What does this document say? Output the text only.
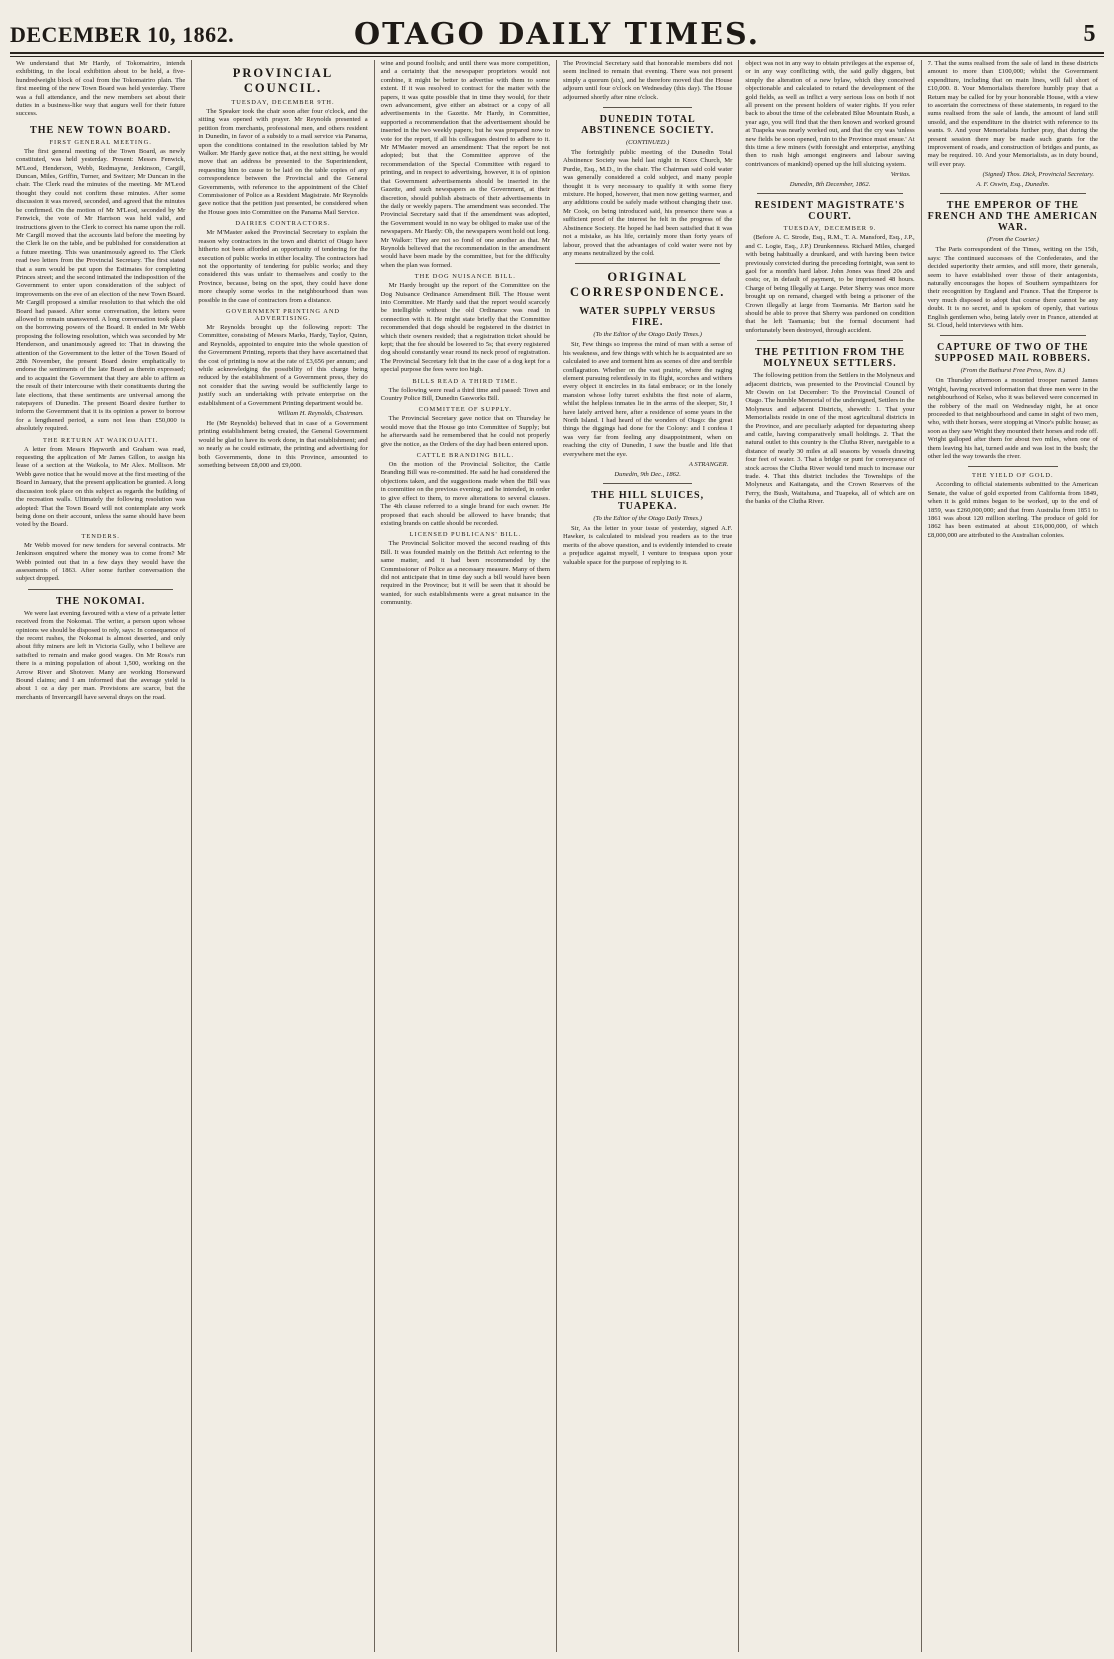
DECEMBER 10, 1862.	OTAGO DAILY TIMES.	5

We understand that Mr Hardy, of Tokomairiro, intends exhibiting, in the local exhibition about to be held, a five-hundredweight block of coal from the Tokomairiro plain. The first meeting of the new Town Board was held yesterday. There was a full attendance, and the new members set about their duties in a business-like way that augurs well for their future success.

THE NEW TOWN BOARD.
FIRST GENERAL MEETING.

The first general meeting of the Town Board, as newly constituted, was held yesterday. Present: Messrs Fenwick, M'Leod, Henderson, Webb, Redmayne, Jenkinson, Cargill, Duncan, Miles, Griffin, Turner, and Switzer; Mr Duncan in the chair. The Clerk read the minutes of the meeting. Mr M'Leod thought they could not confirm these minutes. After some discussion it was moved, seconded, and agreed that the minutes be confirmed. On the motion of Mr M'Leod, seconded by Mr Fenwick, the vote of Mr Harrison was held valid, and instructions given to the Clerk to correct his name upon the roll. Mr Cargill moved that the accounts laid before the meeting by the Clerk lie on the table, and be published for consideration at a future meeting. This was unanimously agreed to. The Clerk read two letters from the Provincial Secretary. The first stated that a sum would be put upon the Estimates for completing Princes street; and the second intimated the indisposition of the Government to enter upon consideration of the subject of improvements on the eve of an election of the new Town Board. Mr Cargill proposed a similar resolution to that which the old Board had passed. After some conversation, the letters were allowed to remain unanswered. A long conversation took place on the borrowing powers of the Board. It ended in Mr Webb proposing the following resolution, which was seconded by Mr Henderson, and unanimously agreed to: That in drawing the attention of the Government to the letter of the Town Board of 28th November, the present Board desire emphatically to endorse the sentiments of the late Board as therein expressed; and to acquaint the Government that they are able to affirm as the result of their intercourse with their constituents during the late elections, that these sentiments are universal among the ratepayers of Dunedin. The present Board desire further to inform the Government that it is its opinion a power to borrow for a lengthened period, a sum not less than £50,000 is absolutely required.

THE RETURN AT WAIKOUAITI.

A letter from Messrs Hepworth and Graham was read, requesting the application of Mr James Gillon, to assign his lease of a section at the Waikola, to Mr Alex. Mollison. Mr Webb gave notice that he would move at the first meeting of the Board in January, that the present application be granted. A long discussion took place on this subject as regards the building of the recreation walls. Ultimately the following resolution was adopted: That the Town Board will not contemplate any work being done on their account, unless the same should have been voted by the Board.

TENDERS.

Mr Webb moved for new tenders for several contracts. Mr Jenkinson enquired where the money was to come from? Mr Webb pointed out that in a few days they would have the assessments of 1863. After some further conversation the subject dropped.

THE NOKOMAI.

We were last evening favoured with a view of a private letter received from the Nokomai. The writer, a person upon whose opinions we should be disposed to rely, says: In consequence of the recent rushes, the Nokomai is almost deserted, and only about fifty miners are left in Victoria Gully, who I believe are satisfied to remain and make good wages. On Mr Ross's run there is a mining population of about 1,500, working on the Arrow River and Shotover. Many are working Horseward Bound claims; and I am informed that the average yield is about 1 oz a day per man. Provisions are scarce, but the merchants of Invercargill have several drays on the road.

PROVINCIAL COUNCIL.
TUESDAY, DECEMBER 9TH.

The Speaker took the chair soon after four o'clock, and the sitting was opened with prayer. Mr Reynolds presented a petition from merchants, professional men, and others resident in Dunedin, in favor of a subsidy to a mail service via Panama, upon the conditions contained in the resolution tabled by Mr Walker. Mr Hardy gave notice that, at the next sitting, he would move that an address be presented to the Superintendent, requesting him to cause to be laid on the table copies of any correspondence between the Provincial and the General Governments, with reference to the appointment of the Chief Commissioner of Police as a Resident Magistrate. Mr Reynolds gave notice that the petition just presented, be considered when the House goes into Committee on the Panama Mail Service.

DAIRIES CONTRACTORS.

Mr M'Master asked the Provincial Secretary to explain the reason why contractors in the town and district of Otago have hitherto not been afforded an opportunity of tendering for the execution of public works in either locality. The contractors had not the opportunity of tendering for public works; and they considered this was unfair to themselves and costly to the Province, because, being on the spot, they could have done more cheaply some works in the neighbourhood than was possible in the case of contractors from a distance.

GOVERNMENT PRINTING AND ADVERTISING.

Mr Reynolds brought up the following report: The Committee, consisting of Messrs Marks, Hardy, Taylor, Quinn, and Reynolds, appointed to enquire into the whole question of the Government Printing, reports that they have ascertained that the cost of printing is now at the rate of £3,656 per annum; and while acknowledging the possibility of this charge being reduced by the establishment of a Government press, they do not consider that the saving would be sufficiently large to justify such an undertaking with private enterprise on the establishment of a Government Printing department would be.

William H. Reynolds, Chairman.

He (Mr Reynolds) believed that in case of a Government printing establishment being created, the General Government would be glad to have its work done, in that establishment; and so nearly as he could estimate, the printing and advertising for both Governments, done in this Province, amounted to something between £8,000 and £9,000.

wine and pound foolish; and until there was more competition, and a certainty that the newspaper proprietors would not combine, it might be better to advertise with them to some extent. If it was resolved to contract for the matter with the papers, it was quite possible that in time they would, for their own advancement, give either an abstract or a copy of all advertisements in the Gazette. Mr Hardy, in Committee, supported a recommendation that the advertisement should be inserted in the two weekly papers; but he was prepared now to vote for the report, if all his colleagues desired to adhere to it. Mr M'Master moved an amendment: That the report be not adopted; but that the Committee approve of the recommendation of the Special Committee with regard to printing, and in respect to advertising, however, it is of opinion that Government advertisements should be inserted in the Gazette, and such newspapers as the Government, at their discretion, should publish abstracts of their advertisements in the daily or weekly papers. The amendment was seconded. The Provincial Secretary said that if the amendment was adopted, the Government would in no way be obliged to make use of the newspapers. Mr Hardy: Oh, the newspapers wont hold out long. Mr Walker: They are not so fond of one another as that. Mr Reynolds believed that the recommendation in the amendment would have been made by the committee, but for the difficulty when the plan was formed.

THE DOG NUISANCE BILL.

Mr Hardy brought up the report of the Committee on the Dog Nuisance Ordinance Amendment Bill. The House went into Committee. Mr Hardy said that the report would scarcely be intelligible without the old Ordinance was read in connection with it. He might state briefly that the Committee recommended that dogs should be registered in the district in which their owners resided; that a registration ticket should be kept; that the fee should be lowered to 5s; that every registered dog should constantly wear round its neck proof of registration. The Provincial Secretary felt that in the case of a dog kept for a special purpose the fees were too high.

BILLS READ A THIRD TIME.

The following were read a third time and passed: Town and Country Police Bill, Dunedin Gasworks Bill.

COMMITTEE OF SUPPLY.

The Provincial Secretary gave notice that on Thursday he would move that the House go into Committee of Supply; but he afterwards said he remembered that he could not properly give the notice, as the Orders of the day had been entered upon.

CATTLE BRANDING BILL.

On the motion of the Provincial Solicitor, the Cattle Branding Bill was re-committed. He said he had considered the objections taken, and the suggestions made when the Bill was in committee on the previous evening; and he intended, in order to give effect to them, to move alterations to several clauses. The 4th clause referred to a single brand for each owner. He proposed that each should be allowed to have brands; that existing brands on cattle should be recorded.

LICENSED PUBLICANS' BILL.

The Provincial Solicitor moved the second reading of this Bill. It was founded mainly on the British Act referring to the same matter, and it had been recommended by the Commissioner of Police as a necessary measure. Many of them did not anticipate that in time day such a bill would have been required in the Province; but it will be seen that it should be wanted, for such establishments were a great nuisance in the community.

The Provincial Secretary said that honorable members did not seem inclined to remain that evening. There was not present simply a quorum (six), and he therefore moved that the House adjourn until four o'clock on Wednesday (this day). The House adjourned shortly after nine o'clock.

DUNEDIN TOTAL ABSTINENCE SOCIETY.
(CONTINUED.)

The fortnightly public meeting of the Dunedin Total Abstinence Society was held last night in Knox Church, Mr Purdie, Esq., M.D., in the chair. The Chairman said cold water was generally considered a cold subject, and many people thought it is very necessary to qualify it with some fiery mixture. He hoped, however, that men now getting warmer, and any additions could be safely made without changing their use. Mr Cook, on being introduced said, his presence there was a sufficient proof of the interest he felt in the progress of the Abstinence Society. He hoped he had been satisfied that it was not a mistake, as his life, certainly more than forty years of labour, proved that the advantages of cold water were not by any means neutralized by the cold.

ORIGINAL CORRESPONDENCE.
WATER SUPPLY VERSUS FIRE.
(To the Editor of the Otago Daily Times.)

Sir, Few things so impress the mind of man with a sense of his weakness, and few things with which he is acquainted are so calculated to awe and torment him as scenes of dire and terrible conflagration. Whether on the vast prairie, where the raging element pursuing relentlessly in its flight, scorches and withers every object it encircles in its fatal embrace; or in the lonely mansion whose lofty turret exhibits the first note of alarm, whilst the helpless inmates lie in the arms of the sleeper, Sir, I have lately arrived here, after a residence of some years in the North Island. I had heard of the wonders of Otago: the great things the diggings had done for the Colony: and I confess I was very far from feeling any disappointment, when on reaching the city of Dunedin, I saw the bustle and life that everywhere met the eye.

A STRANGER.
Dunedin, 9th Dec., 1862.
THE HILL SLUICES, TUAPEKA.
(To the Editor of the Otago Daily Times.)

Sir, As the letter in your issue of yesterday, signed A.F. Hawker, is calculated to mislead you readers as to the true merits of the above question, and is evidently intended to create a prejudice against myself, I venture to trespass upon your valuable space for the purpose of replying to it.

object was not in any way to obtain privileges at the expense of, or in any way conflicting with, the said gully diggers, but simply the alteration of a new bylaw, which they conceived objectionable and calculated to retard the development of the gold fields, as well as inflict a very serious loss on both if not all present on the present holders of water rights. If you refer back to about the time of the celebrated Blue Mountain Rush, a year ago, you will find that the then known and worked ground at Tuapeka was nearly worked out, and that the cry was 'unless new fields be soon opened, ruin to the Province must ensue.' At this time a few miners (with foresight and enterprise, anything then to rush high amongst engineers and labour saving contrivances of mankind) opened up the hill sluicing system.

Veritas.
Dunedin, 8th December, 1862.
RESIDENT MAGISTRATE'S COURT.
TUESDAY, DECEMBER 9.

(Before A. C. Strode, Esq., R.M., T. A. Mansford, Esq., J.P., and C. Logie, Esq., J.P.) Drunkenness. Richard Miles, charged with being habitually a drunkard, and with having been twice previously convicted during the preceding fortnight, was sent to gaol for a month's hard labor. John Jones was fined 20s and costs; or, in default of payment, to be imprisoned 48 hours. Charge of being Illegally at Large. Peter Sherry was once more brought up on remand, charged with being a prisoner of the Crown illegally at large from Tasmania. Mr Barton said he should be able to prove that Sherry was pardoned on condition that he left Tasmania; but the formal document had unfortunately been destroyed, through accident.

THE PETITION FROM THE MOLYNEUX SETTLERS.

The following petition from the Settlers in the Molyneux and adjacent districts, was presented to the Provincial Council by Mr Oswin on 1st December: To the Provincial Council of Otago. The humble Memorial of the undersigned, Settlers in the Molyneux and adjacent Districts, sheweth: 1. That your Memorialists reside in one of the most agricultural districts in the Province, and are peculiarly adapted for depasturing sheep and cattle, having comparatively small holdings. 2. That the natural outlet to this country is the Clutha River, navigable to a distance of nearly 30 miles at all seasons by vessels drawing four feet of water. 3. That a bridge or punt for conveyance of stock across the Clutha River would tend much to increase our trade. 4. That this district includes the Townships of the Molyneux and Kaitangata, and the Crown Reserves of the Ferry, the Bush, Waitahuna, and Tuapeka, all of which are on the banks of the Clutha River.

7. That the sums realised from the sale of land in these districts amount to more than £100,000; whilst the Government expenditure, including that on main lines, will fall short of £10,000. 8. Your Memorialists therefore humbly pray that a Return may be called for by your honorable House, with a view to ascertain the correctness of these statements, in regard to the sums realised from the sale of lands, the amount of land still unsold, and the expenditure in the district with reference to its wants. 9. And your Memorialists further pray, that during the present session there may be made such grants for the improvement of roads, and construction of bridges and punts, as may be required. 10. And your Memorialists, as in duty bound, will ever pray.

(Signed) Thos. Dick, Provincial Secretary.
A. F. Oswin, Esq., Dunedin.
THE EMPEROR OF THE FRENCH AND THE AMERICAN WAR.
(From the Courier.)

The Paris correspondent of the Times, writing on the 15th, says: The continued successes of the Confederates, and the decided superiority their armies, and still more, their generals, seem to have established over those of their antagonists, naturally encourages the hopes of Southern sympathizers for their recognition by England and France. That the Emperor is very much disposed to adopt that course there cannot be any doubt. It is no secret, and is spoken of openly, that various English gentlemen who, being lately over in France, attended at St. Cloud, held interviews with him.

CAPTURE OF TWO OF THE SUPPOSED MAIL ROBBERS.
(From the Bathurst Free Press, Nov. 8.)

On Thursday afternoon a mounted trooper named James Wright, having received information that three men were in the neighbourhood of Kelso, who it was believed were concerned in the robbery of the mail on Wednesday night, he at once proceeded to that neighbourhood and came in sight of two men, who, with their horses, were stopping at Vince's public house; as soon as they saw Wright they mounted their horses and rode off. Wright galloped after them for about two miles, when one of them leaving his hat, turned aside and was lost in the bush; the other led the way towards the river.

THE YIELD OF GOLD.

According to official statements submitted to the American Senate, the value of gold exported from California from 1849, when it is gold mines began to be worked, up to the end of 1859, was £260,000,000; and that from Australia from 1851 to 1861 was about 120 million sterling. The produce of gold for 1862 has been estimated at about £16,000,000, of which £8,000,000 are attributed to the Australian colonies.
